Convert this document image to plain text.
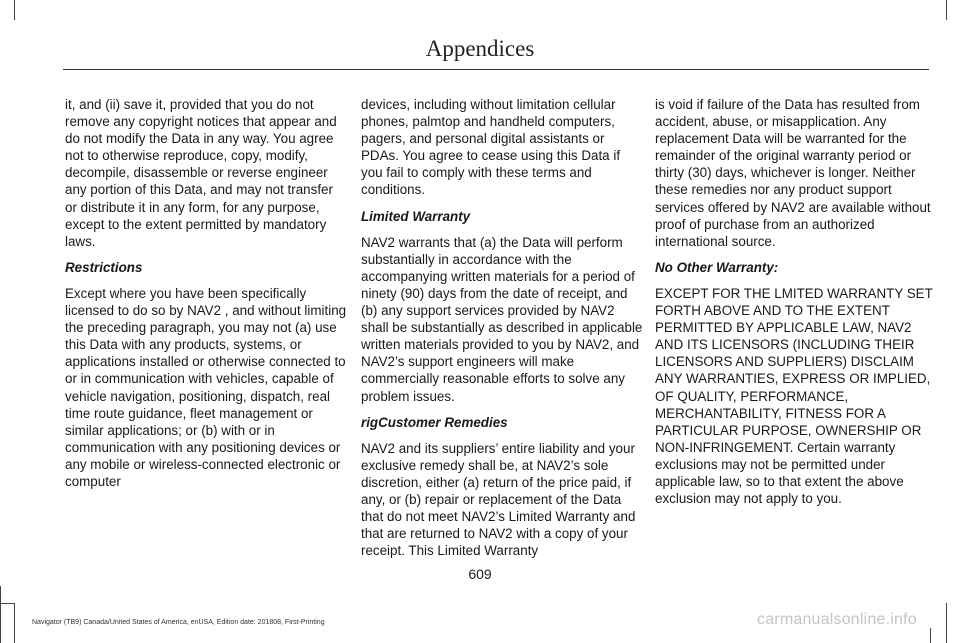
Appendices

it, and (ii) save it, provided that you do not remove any copyright notices that appear and do not modify the Data in any way. You agree not to otherwise reproduce, copy, modify, decompile, disassemble or reverse engineer any portion of this Data, and may not transfer or distribute it in any form, for any purpose, except to the extent permitted by mandatory laws.

Restrictions

Except where you have been specifically licensed to do so by NAV2 , and without limiting the preceding paragraph, you may not (a) use this Data with any products, systems, or applications installed or otherwise connected to or in communication with vehicles, capable of vehicle navigation, positioning, dispatch, real time route guidance, fleet management or similar applications; or (b) with or in communication with any positioning devices or any mobile or wireless-connected electronic or computer

devices, including without limitation cellular phones, palmtop and handheld computers, pagers, and personal digital assistants or PDAs. You agree to cease using this Data if you fail to comply with these terms and conditions.

Limited Warranty

NAV2 warrants that (a) the Data will perform substantially in accordance with the accompanying written materials for a period of ninety (90) days from the date of receipt, and (b) any support services provided by NAV2 shall be substantially as described in applicable written materials provided to you by NAV2, and NAV2’s support engineers will make commercially reasonable efforts to solve any problem issues.

rigCustomer Remedies

NAV2 and its suppliers’ entire liability and your exclusive remedy shall be, at NAV2’s sole discretion, either (a) return of the price paid, if any, or (b) repair or replacement of the Data that do not meet NAV2’s Limited Warranty and that are returned to NAV2 with a copy of your receipt. This Limited Warranty

is void if failure of the Data has resulted from accident, abuse, or misapplication. Any replacement Data will be warranted for the remainder of the original warranty period or thirty (30) days, whichever is longer. Neither these remedies nor any product support services offered by NAV2 are available without proof of purchase from an authorized international source.

No Other Warranty:

EXCEPT FOR THE LMITED WARRANTY SET FORTH ABOVE AND TO THE EXTENT PERMITTED BY APPLICABLE LAW, NAV2 AND ITS LICENSORS (INCLUDING THEIR LICENSORS AND SUPPLIERS) DISCLAIM ANY WARRANTIES, EXPRESS OR IMPLIED, OF QUALITY, PERFORMANCE, MERCHANTABILITY, FITNESS FOR A PARTICULAR PURPOSE, OWNERSHIP OR NON-INFRINGEMENT. Certain warranty exclusions may not be permitted under applicable law, so to that extent the above exclusion may not apply to you.

609
Navigator (TB9) Canada/United States of America, enUSA, Edition date: 201808, First-Printing	carmanualsonline.info
